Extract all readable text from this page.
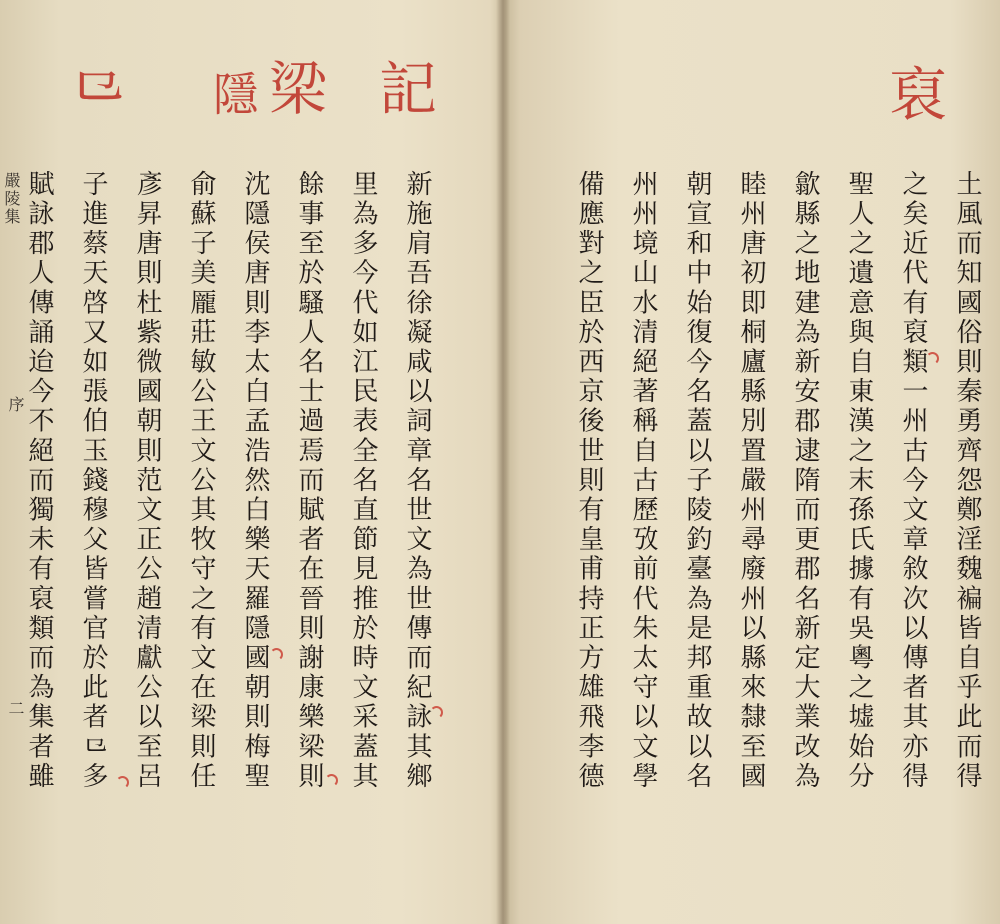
記
梁
隱
⺋
新施肩吾徐凝咸以詞章名世文為世傳而紀詠其鄉
里為多今代如江民表全名直節見推於時文采蓋其
餘事至於騷人名士過焉而賦者在晉則謝康樂梁則
沈隱侯唐則李太白孟浩然白樂天羅隱國朝則梅聖
俞蘇子美龎莊敏公王文公其牧守之有文在梁則任
彥昇唐則杜紫微國朝則范文正公趙清獻公以至呂
子進蔡天啓又如張伯玉錢穆父皆嘗官於此者⺋多
賦詠郡人傳誦迨今不絕而獨未有裒類而為集者雖
嚴陵集
序
二
裒
土風而知國俗則秦勇齊怨鄭淫魏褊皆自乎此而得
之矣近代有裒類一州古今文章敘次以傳者其亦得
聖人之遺意與自東漢之末孫氏據有吳粵之墟始分
歙縣之地建為新安郡逮隋而更郡名新定大業改為
睦州唐初即桐廬縣別置嚴州尋廢州以縣來隸至國
朝宣和中始復今名蓋以子陵釣臺為是邦重故以名
州州境山水清絕著稱自古歷攷前代朱太守以文學
備應對之臣於西京後世則有皇甫持正方雄飛李德
